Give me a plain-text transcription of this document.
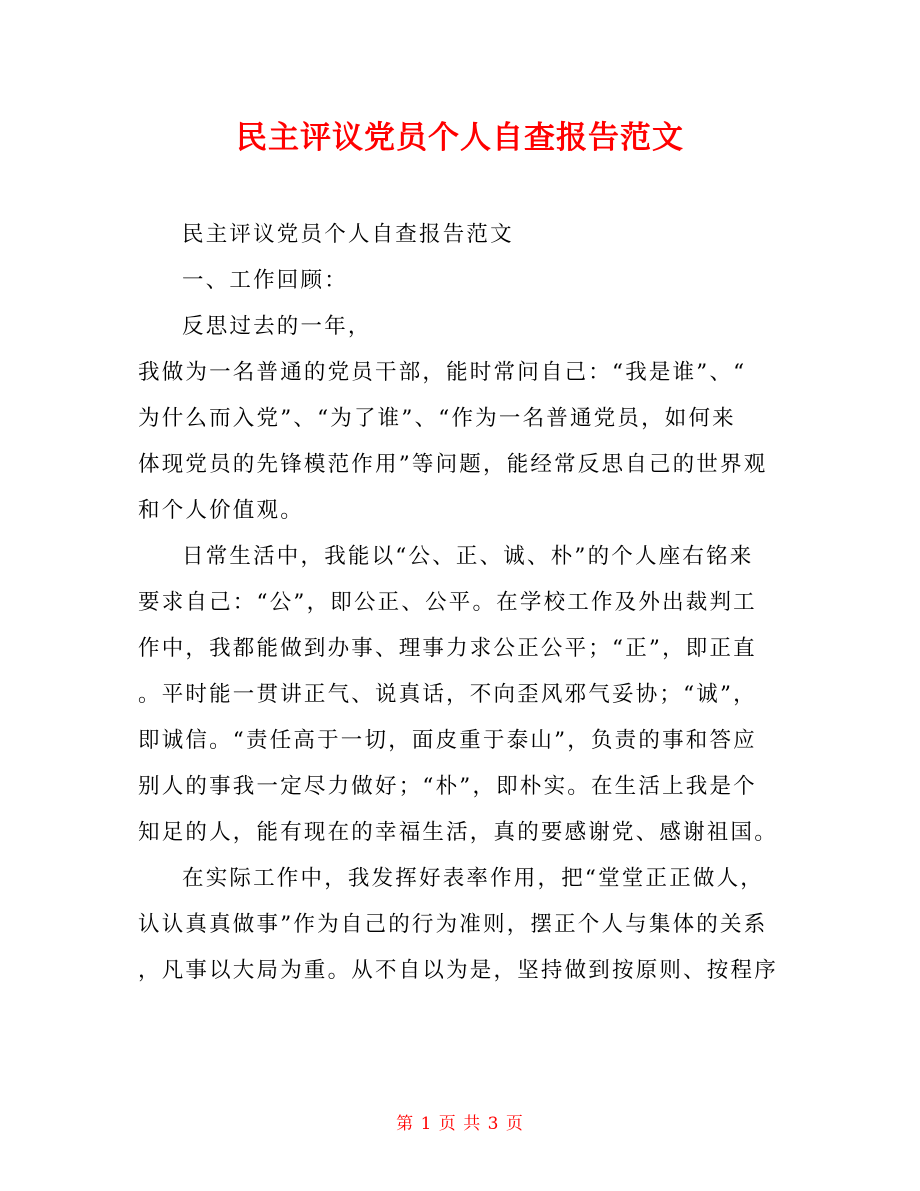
民主评议党员个人自查报告范文
民主评议党员个人自查报告范文
一、工作回顾：
反思过去的一年，
我做为一名普通的党员干部，能时常问自己：“我是谁”、“
为什么而入党”、“为了谁”、“作为一名普通党员，如何来
体现党员的先锋模范作用”等问题，能经常反思自己的世界观
和个人价值观。
日常生活中，我能以“公、正、诚、朴”的个人座右铭来
要求自己：“公”，即公正、公平。在学校工作及外出裁判工
作中，我都能做到办事、理事力求公正公平；“正”，即正直
。平时能一贯讲正气、说真话，不向歪风邪气妥协；“诚”，
即诚信。“责任高于一切，面皮重于泰山”，负责的事和答应
别人的事我一定尽力做好；“朴”，即朴实。在生活上我是个
知足的人，能有现在的幸福生活，真的要感谢党、感谢祖国。
在实际工作中，我发挥好表率作用，把“堂堂正正做人，
认认真真做事”作为自己的行为准则，摆正个人与集体的关系
，凡事以大局为重。从不自以为是，坚持做到按原则、按程序
第 1 页 共 3 页
